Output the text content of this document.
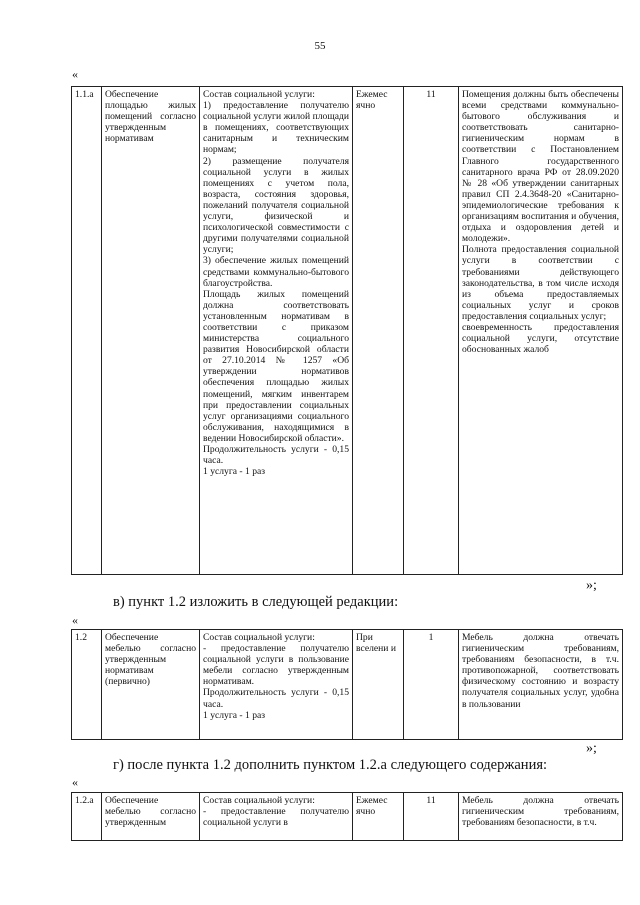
55
«
1.1.a	Обеспечение площадью жилых помещений согласно утвержденным нормативам	Состав социальной услуги:
1) предоставление получателю социальной услуги жилой площади в помещениях, соответствующих санитарным и техническим нормам;
2) размещение получателя социальной услуги в жилых помещениях с учетом пола, возраста, состояния здоровья, пожеланий получателя социальной услуги, физической и психологической совместимости с другими получателями социальной услуги;
3) обеспечение жилых помещений средствами коммунально-бытового благоустройства.
Площадь жилых помещений должна соответствовать установленным нормативам в соответствии с приказом министерства социального развития Новосибирской области от 27.10.2014 № 1257 «Об утверждении нормативов обеспечения площадью жилых помещений, мягким инвентарем при предоставлении социальных услуг организациями социального обслуживания, находящимися в ведении Новосибирской области».
Продолжительность услуги - 0,15 часа.
1 услуга - 1 раз	Ежемес ячно	11	Помещения должны быть обеспечены всеми средствами коммунально-бытового обслуживания и соответствовать санитарно-гигиеническим нормам в соответствии с Постановлением Главного государственного санитарного врача РФ от 28.09.2020 № 28 «Об утверждении санитарных правил СП 2.4.3648-20 «Санитарно-эпидемиологические требования к организациям воспитания и обучения, отдыха и оздоровления детей и молодежи».
Полнота предоставления социальной услуги в соответствии с требованиями действующего законодательства, в том числе исходя из объема предоставляемых социальных услуг и сроков предоставления социальных услуг;
своевременность предоставления социальной услуги, отсутствие обоснованных жалоб
»;
в) пункт 1.2 изложить в следующей редакции:
«
1.2	Обеспечение мебелью согласно утвержденным нормативам (первично)	Состав социальной услуги:
- предоставление получателю социальной услуги в пользование мебели согласно утвержденным нормативам.
Продолжительность услуги - 0,15 часа.
1 услуга - 1 раз	При вселени и	1	Мебель должна отвечать гигиеническим требованиям, требованиям безопасности, в т.ч. противопожарной, соответствовать физическому состоянию и возрасту получателя социальных услуг, удобна в пользовании
»;
г) после пункта 1.2 дополнить пунктом 1.2.а следующего содержания:
«
1.2.а	Обеспечение мебелью согласно утвержденным	Состав социальной услуги:
- предоставление получателю социальной услуги в	Ежемес ячно	11	Мебель должна отвечать гигиеническим требованиям, требованиям безопасности, в т.ч.
